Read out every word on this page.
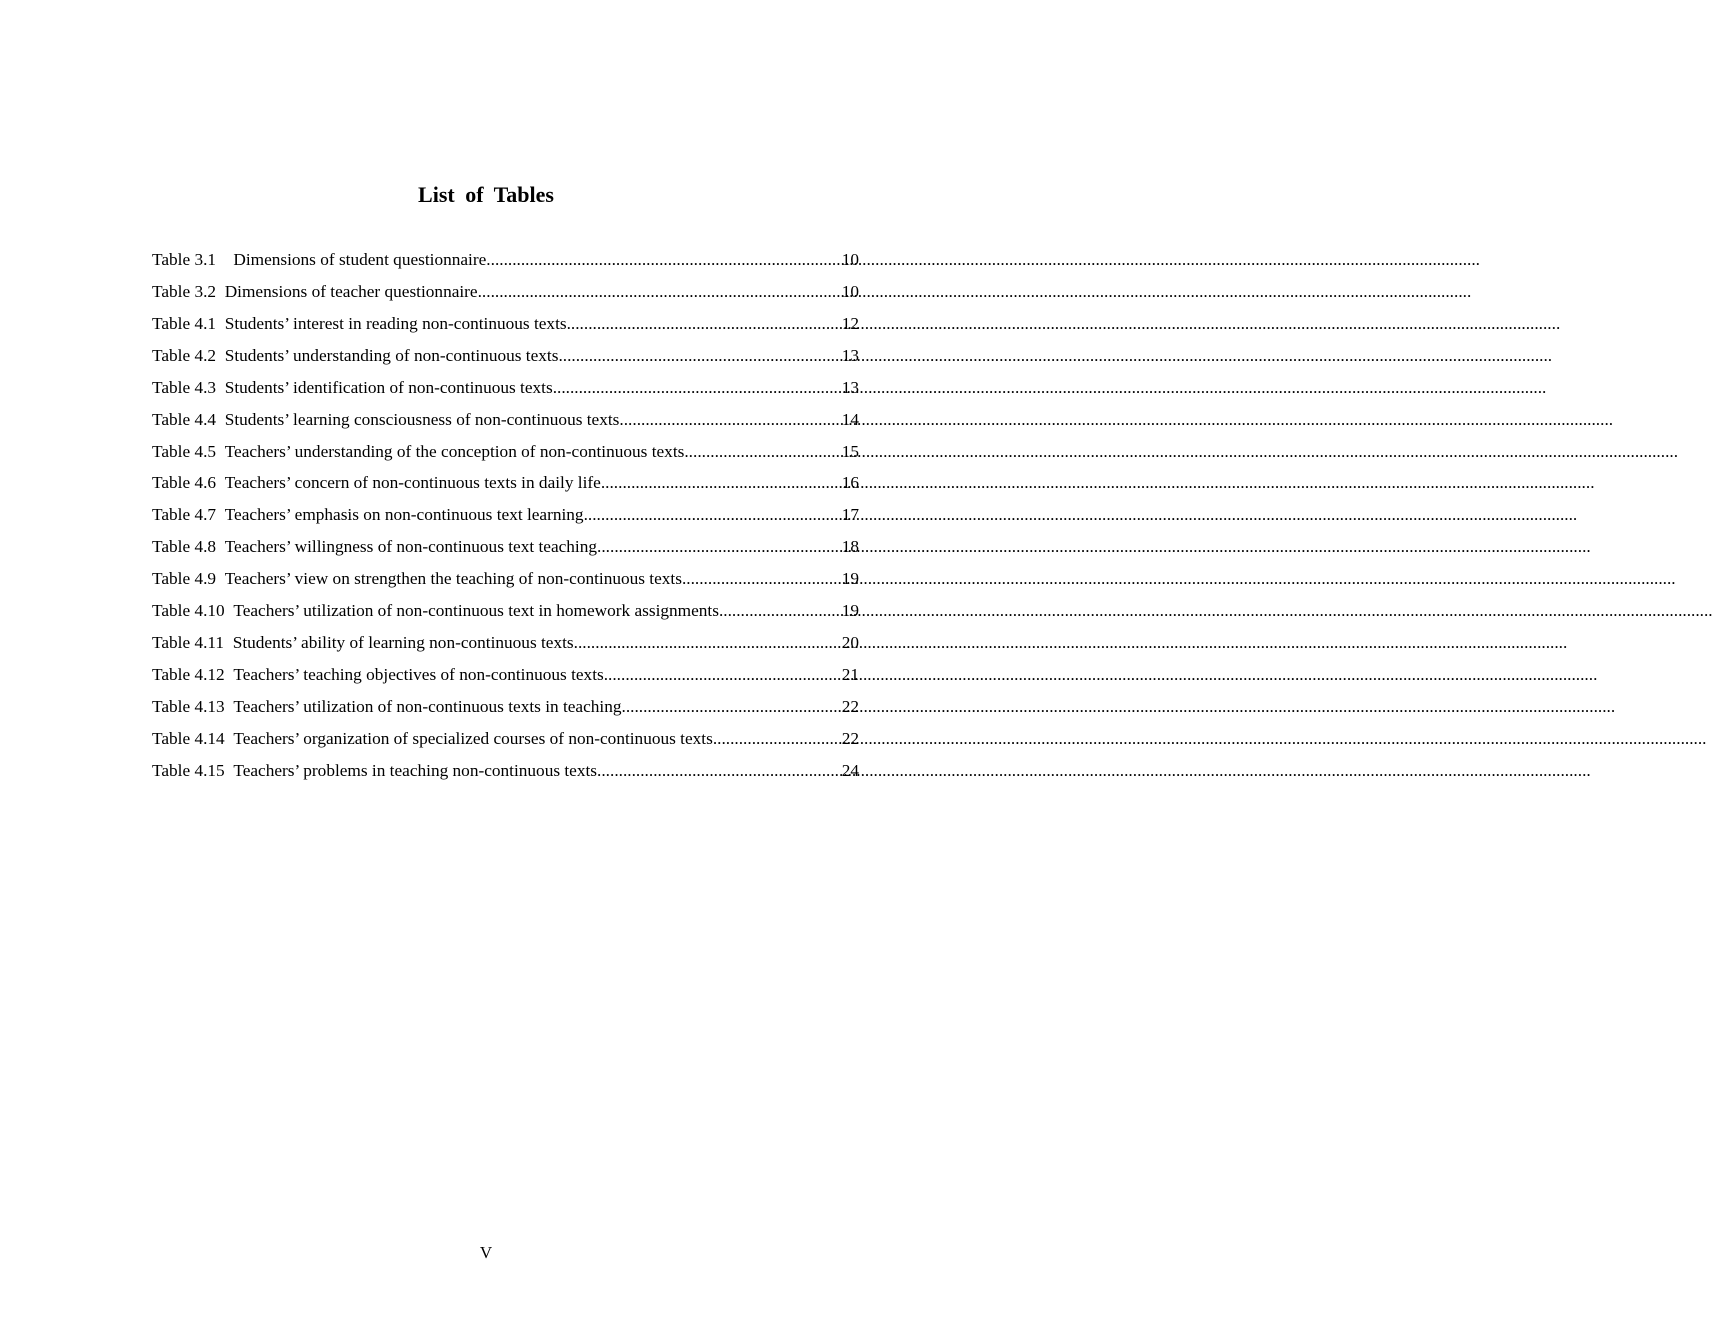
List of Tables
Table 3.1 Dimensions of student questionnaire .....	10
Table 3.2 Dimensions of teacher questionnaire .....	10
Table 4.1 Students’ interest in reading non-continuous texts .....	12
Table 4.2 Students’ understanding of non-continuous texts .....	13
Table 4.3 Students’ identification of non-continuous texts .....	13
Table 4.4 Students’ learning consciousness of non-continuous texts .....	14
Table 4.5 Teachers’ understanding of the conception of non-continuous texts .....	15
Table 4.6 Teachers’ concern of non-continuous texts in daily life .....	16
Table 4.7 Teachers’ emphasis on non-continuous text learning .....	17
Table 4.8 Teachers’ willingness of non-continuous text teaching .....	18
Table 4.9 Teachers’ view on strengthen the teaching of non-continuous texts .....	19
Table 4.10 Teachers’ utilization of non-continuous text in homework assignments .....	19
Table 4.11 Students’ ability of learning non-continuous texts .....	20
Table 4.12 Teachers’ teaching objectives of non-continuous texts .....	21
Table 4.13 Teachers’ utilization of non-continuous texts in teaching .....	22
Table 4.14 Teachers’ organization of specialized courses of non-continuous texts .....	22
Table 4.15 Teachers’ problems in teaching non-continuous texts .....	24
V
